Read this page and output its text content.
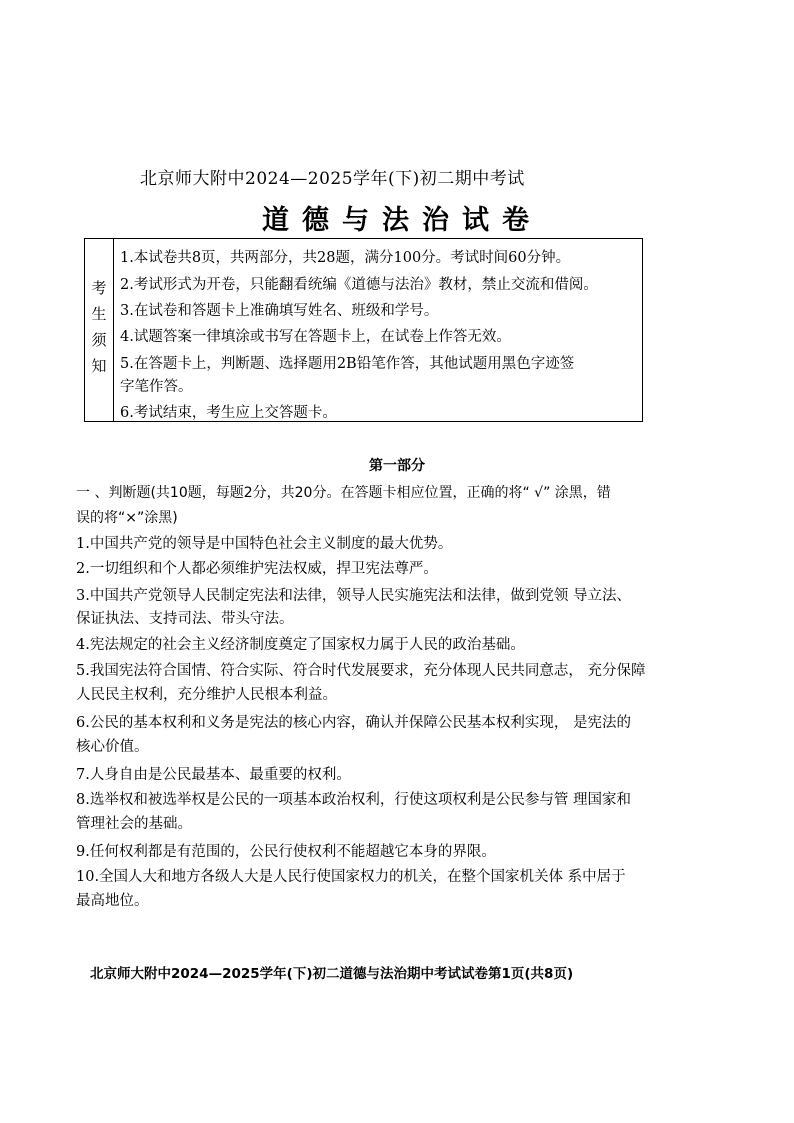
北京师大附中2024—2025学年(下)初二期中考试
道德与法治试卷
考
生
须
知
1.本试卷共8页，共两部分，共28题，满分100分。考试时间60分钟。
2.考试形式为开卷，只能翻看统编《道德与法治》教材，禁止交流和借阅。
3.在试卷和答题卡上准确填写姓名、班级和学号。
4.试题答案一律填涂或书写在答题卡上，在试卷上作答无效。
5.在答题卡上，判断题、选择题用2B铅笔作答，其他试题用黑色字迹签
字笔作答。
6.考试结束，考生应上交答题卡。
第一部分
一 、判断题(共10题，每题2分，共20分。在答题卡相应位置，正确的将“ √” 涂黑，错
误的将“×”涂黑)
1.中国共产党的领导是中国特色社会主义制度的最大优势。
2.一切组织和个人都必须维护宪法权威，捍卫宪法尊严。
3.中国共产党领导人民制定宪法和法律，领导人民实施宪法和法律，做到党领 导立法、
保证执法、支持司法、带头守法。
4.宪法规定的社会主义经济制度奠定了国家权力属于人民的政治基础。
5.我国宪法符合国情、符合实际、符合时代发展要求，充分体现人民共同意志， 充分保障
人民民主权利，充分维护人民根本利益。
6.公民的基本权利和义务是宪法的核心内容，确认并保障公民基本权利实现， 是宪法的
核心价值。
7.人身自由是公民最基本、最重要的权利。
8.选举权和被选举权是公民的一项基本政治权利，行使这项权利是公民参与管 理国家和
管理社会的基础。
9.任何权利都是有范围的，公民行使权利不能超越它本身的界限。
10.全国人大和地方各级人大是人民行使国家权力的机关，在整个国家机关体 系中居于
最高地位。
北京师大附中2024—2025学年(下)初二道德与法治期中考试试卷第1页(共8页)
